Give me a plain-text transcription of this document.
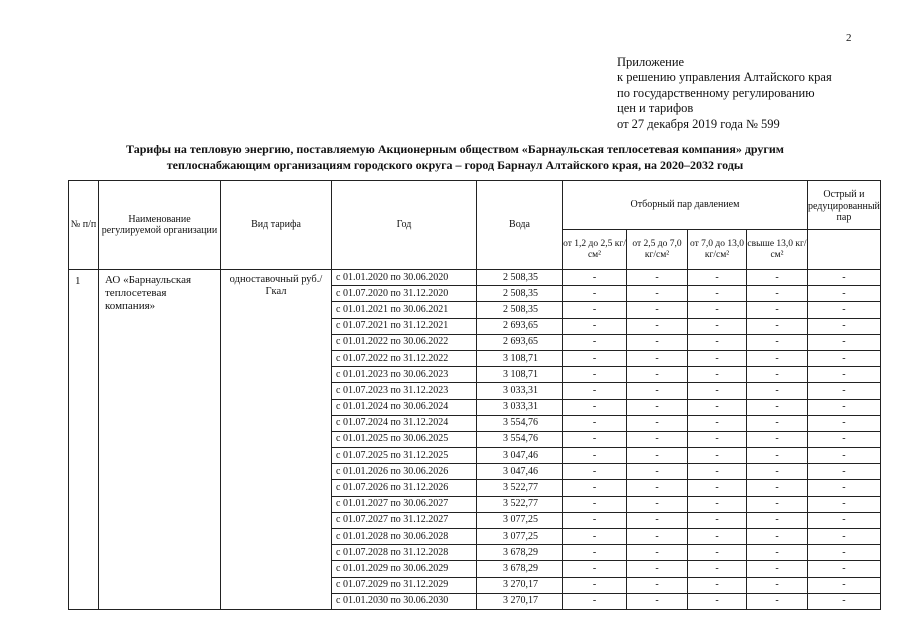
2
Приложение
к решению управления Алтайского края
по государственному регулированию
цен и тарифов
от 27 декабря 2019 года № 599
Тарифы на тепловую энергию, поставляемую Акционерным обществом «Барнаульская теплосетевая компания» другим
теплоснабжающим организациям городского округа – город Барнаул Алтайского края, на 2020–2032 годы
№ п/п	Наименование регулируемой организации	Вид тарифа	Год	Вода	Отборный пар давлением				Острый и редуцированный пар
					от 1,2 до 2,5 кг/см²	от 2,5 до 7,0 кг/см²	от 7,0 до 13,0 кг/см²	свыше 13,0 кг/см²	
1	АО «Барнаульская теплосетевая компания»	одноставочный руб./Гкал	с 01.01.2020 по 30.06.2020	2 508,35	-	-	-	-	-
			с 01.07.2020 по 31.12.2020	2 508,35	-	-	-	-	-
			с 01.01.2021 по 30.06.2021	2 508,35	-	-	-	-	-
			с 01.07.2021 по 31.12.2021	2 693,65	-	-	-	-	-
			с 01.01.2022 по 30.06.2022	2 693,65	-	-	-	-	-
			с 01.07.2022 по 31.12.2022	3 108,71	-	-	-	-	-
			с 01.01.2023 по 30.06.2023	3 108,71	-	-	-	-	-
			с 01.07.2023 по 31.12.2023	3 033,31	-	-	-	-	-
			с 01.01.2024 по 30.06.2024	3 033,31	-	-	-	-	-
			с 01.07.2024 по 31.12.2024	3 554,76	-	-	-	-	-
			с 01.01.2025 по 30.06.2025	3 554,76	-	-	-	-	-
			с 01.07.2025 по 31.12.2025	3 047,46	-	-	-	-	-
			с 01.01.2026 по 30.06.2026	3 047,46	-	-	-	-	-
			с 01.07.2026 по 31.12.2026	3 522,77	-	-	-	-	-
			с 01.01.2027 по 30.06.2027	3 522,77	-	-	-	-	-
			с 01.07.2027 по 31.12.2027	3 077,25	-	-	-	-	-
			с 01.01.2028 по 30.06.2028	3 077,25	-	-	-	-	-
			с 01.07.2028 по 31.12.2028	3 678,29	-	-	-	-	-
			с 01.01.2029 по 30.06.2029	3 678,29	-	-	-	-	-
			с 01.07.2029 по 31.12.2029	3 270,17	-	-	-	-	-
			с 01.01.2030 по 30.06.2030	3 270,17	-	-	-	-	-
